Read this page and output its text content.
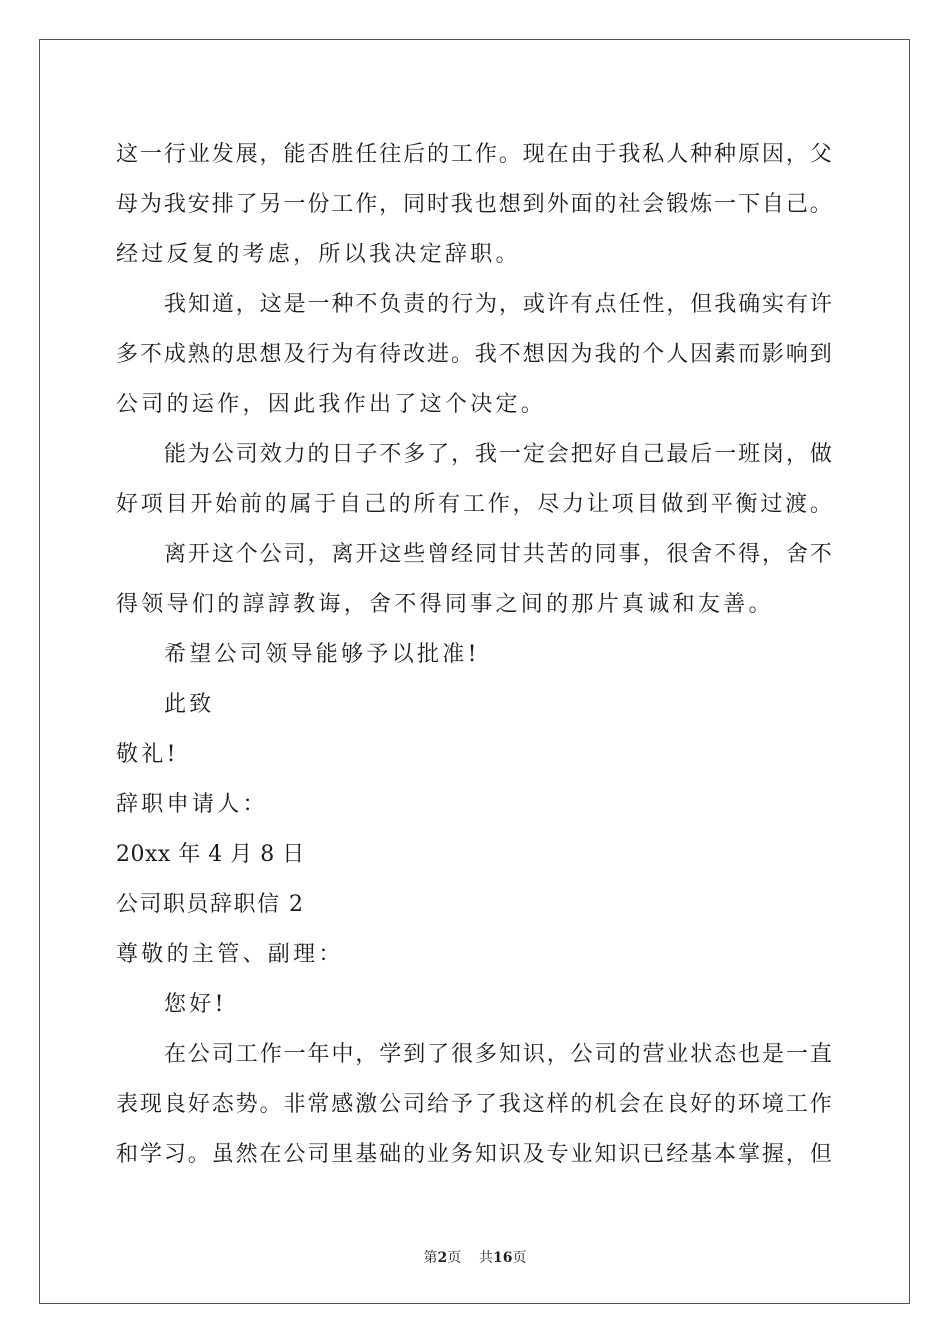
这 一 行 业 发 展 ， 能 否 胜 任 往 后 的 工 作 。 现 在 由 于 我 私 人 种 种 原 因 ， 父
母 为 我 安 排 了 另 一 份 工 作 ， 同 时 我 也 想 到 外 面 的 社 会 锻 炼 一 下 自 己 。
经过反复的考虑，所以我决定辞职。
我 知 道 ， 这 是 一 种 不 负 责 的 行 为 ， 或 许 有 点 任 性 ， 但 我 确 实 有 许
多 不 成 熟 的 思 想 及 行 为 有 待 改 进 。 我 不 想 因 为 我 的 个 人 因 素 而 影 响 到
公司的运作，因此我作出了这个决定。
能 为 公 司 效 力 的 日 子 不 多 了 ， 我 一 定 会 把 好 自 己 最 后 一 班 岗 ， 做
好 项 目 开 始 前 的 属 于 自 己 的 所 有 工 作 ， 尽 力 让 项 目 做 到 平 衡 过 渡 。
离 开 这 个 公 司 ， 离 开 这 些 曾 经 同 甘 共 苦 的 同 事 ， 很 舍 不 得 ， 舍 不
得领导们的諄諄教诲，舍不得同事之间的那片真诚和友善。
希望公司领导能够予以批准!
此致
敬礼!
辞职申请人：
20xx 年 4 月 8 日
公司职员辞职信 2
尊敬的主管、副理：
您好!
在 公 司 工 作 一 年 中 ， 学 到 了 很 多 知 识 ， 公 司 的 营 业 状 态 也 是 一 直
表 现 良 好 态 势 。 非 常 感 激 公 司 给 予 了 我 这 样 的 机 会 在 良 好 的 环 境 工 作
和 学 习 。 虽 然 在 公 司 里 基 础 的 业 务 知 识 及 专 业 知 识 已 经 基 本 掌 握 ， 但
第2页 共16页
